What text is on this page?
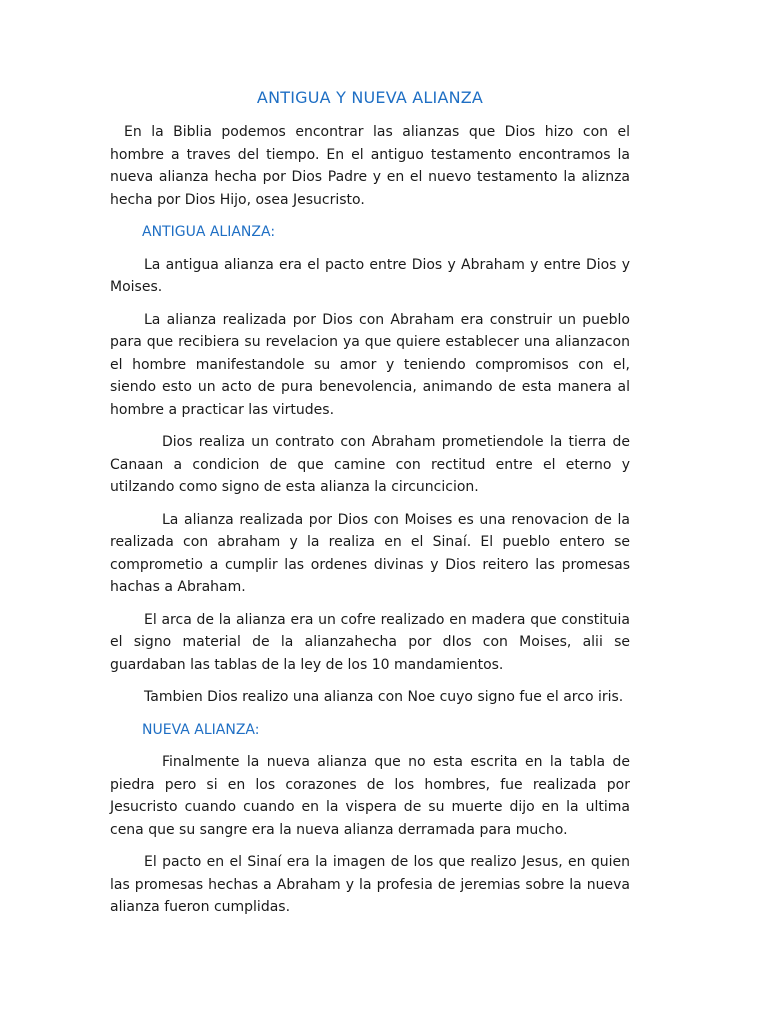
ANTIGUA Y NUEVA ALIANZA

En la Biblia podemos encontrar las alianzas que Dios hizo con el hombre a traves del tiempo. En el antiguo testamento encontramos la nueva alianza hecha por Dios Padre y en el nuevo testamento la aliznza hecha por Dios Hijo, osea Jesucristo.

ANTIGUA ALIANZA:

La antigua alianza era el pacto entre Dios y Abraham y entre Dios y Moises.

La alianza realizada por Dios con Abraham era construir un pueblo para que recibiera su revelacion ya que quiere establecer una alianzacon el hombre manifestandole su amor y teniendo compromisos con el, siendo esto un acto de pura benevolencia, animando de esta manera al hombre a practicar las virtudes.

Dios realiza un contrato con Abraham prometiendole la tierra de Canaan a condicion de que camine con rectitud entre el eterno y utilzando como signo de esta alianza la circuncicion.

La alianza realizada por Dios con Moises es una renovacion de la realizada con abraham y la realiza en el Sinaí. El pueblo entero se comprometio a cumplir las ordenes divinas y Dios reitero las promesas hachas a Abraham.

El arca de la alianza era un cofre realizado en madera que constituia el signo material de la alianzahecha por dIos con Moises, alii se guardaban las tablas de la ley de los 10 mandamientos.

Tambien Dios realizo una alianza con Noe cuyo signo fue el arco iris.

NUEVA ALIANZA:

Finalmente la nueva alianza que no esta escrita en la tabla de piedra pero si en los corazones de los hombres, fue realizada por Jesucristo cuando cuando en la vispera de su muerte dijo en la ultima cena que su sangre era la nueva alianza derramada para mucho.

El pacto en el Sinaí era la imagen de los que realizo Jesus, en quien las promesas hechas a Abraham y la profesia de jeremias sobre la nueva alianza fueron cumplidas.
